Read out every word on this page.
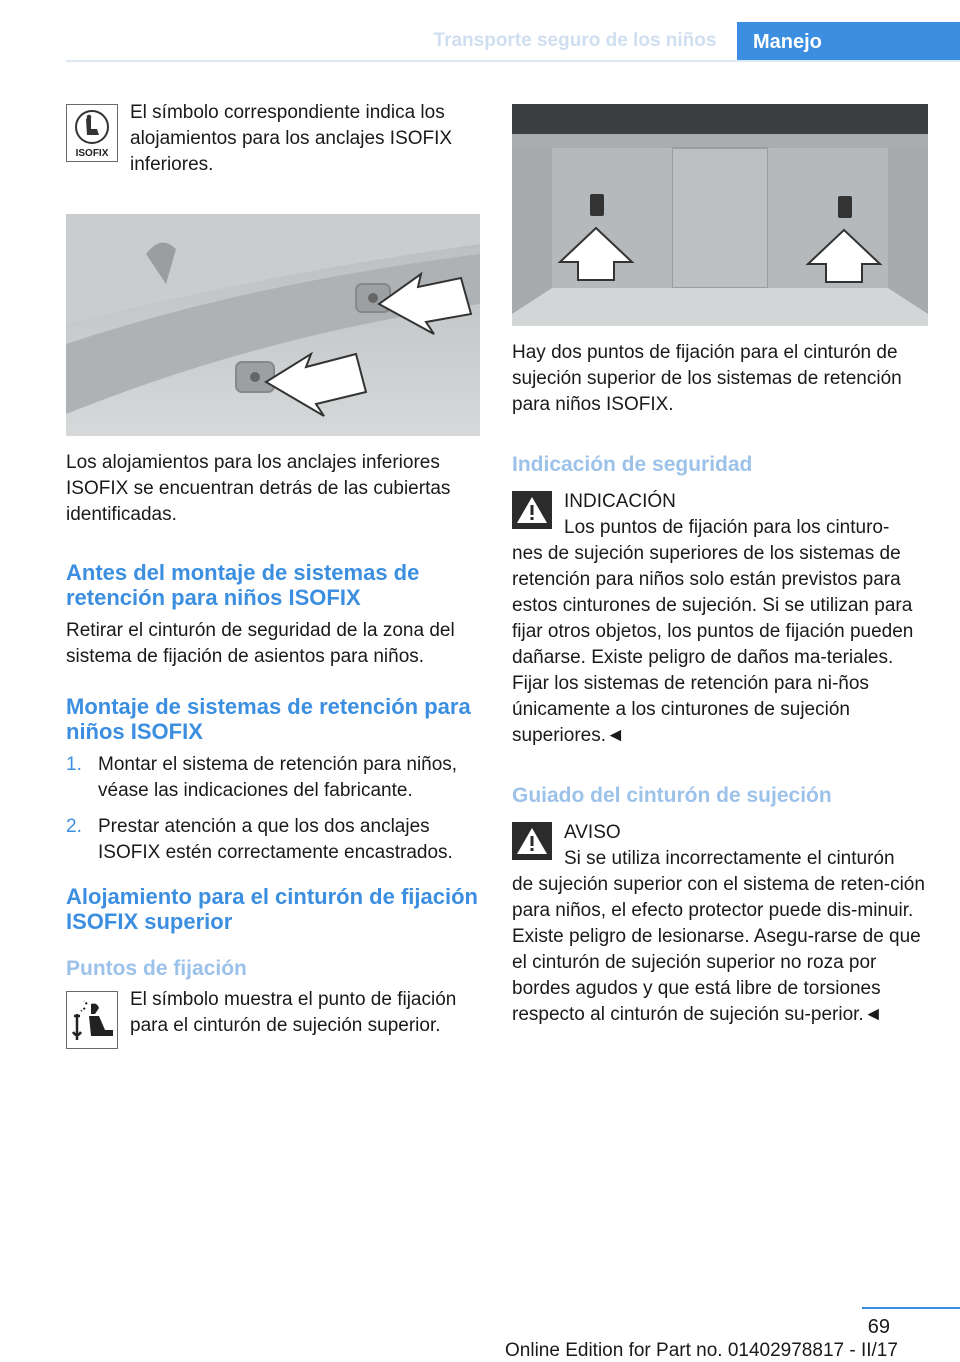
Transporte seguro de los niños	Manejo
ISOFIX

El símbolo correspondiente indica los alojamientos para los anclajes ISOFIX inferiores.

Los alojamientos para los anclajes inferiores ISOFIX se encuentran detrás de las cubiertas identificadas.

Antes del montaje de sistemas de retención para niños ISOFIX

Retirar el cinturón de seguridad de la zona del sistema de fijación de asientos para niños.

Montaje de sistemas de retención para niños ISOFIX
1. Montar el sistema de retención para niños, véase las indicaciones del fabricante.
2. Prestar atención a que los dos anclajes ISOFIX estén correctamente encastrados.
Alojamiento para el cinturón de fijación ISOFIX superior
Puntos de fijación

El símbolo muestra el punto de fijación para el cinturón de sujeción superior.

Hay dos puntos de fijación para el cinturón de sujeción superior de los sistemas de retención para niños ISOFIX.

Indicación de seguridad
INDICACIÓN
Los puntos de fijación para los cinturo-

nes de sujeción superiores de los sistemas de retención para niños solo están previstos para estos cinturones de sujeción. Si se utilizan para fijar otros objetos, los puntos de fijación pueden dañarse. Existe peligro de daños ma-teriales. Fijar los sistemas de retención para ni-ños únicamente a los cinturones de sujeción superiores.◄

Guiado del cinturón de sujeción
AVISO
Si se utiliza incorrectamente el cinturón

de sujeción superior con el sistema de reten-ción para niños, el efecto protector puede dis-minuir. Existe peligro de lesionarse. Asegu-rarse de que el cinturón de sujeción superior no roza por bordes agudos y que está libre de torsiones respecto al cinturón de sujeción su-perior.◄

69
Online Edition for Part no. 01402978817 - II/17
